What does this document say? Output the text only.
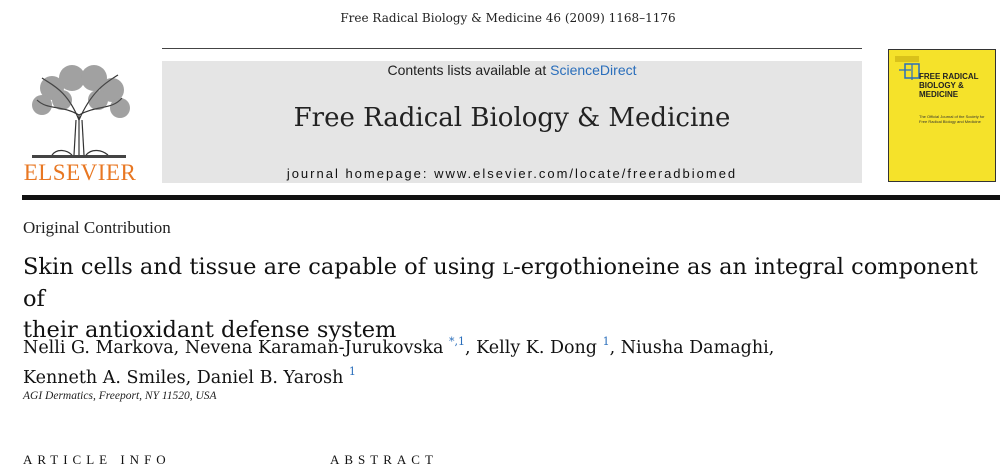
Free Radical Biology & Medicine 46 (2009) 1168–1176
ELSEVIER
Contents lists available at ScienceDirect
Free Radical Biology & Medicine
journal homepage: www.elsevier.com/locate/freeradbiomed
FREE RADICAL BIOLOGY & MEDICINE
The Official Journal of the Society for Free Radical Biology and Medicine
Original Contribution
Skin cells and tissue are capable of using L-ergothioneine as an integral component of
their antioxidant defense system
Nelli G. Markova, Nevena Karaman-Jurukovska $^{*,1}$, Kelly K. Dong $^1$, Niusha Damaghi,
Kenneth A. Smiles, Daniel B. Yarosh $^1$
AGI Dermatics, Freeport, NY 11520, USA
ARTICLE INFO	ABSTRACT
